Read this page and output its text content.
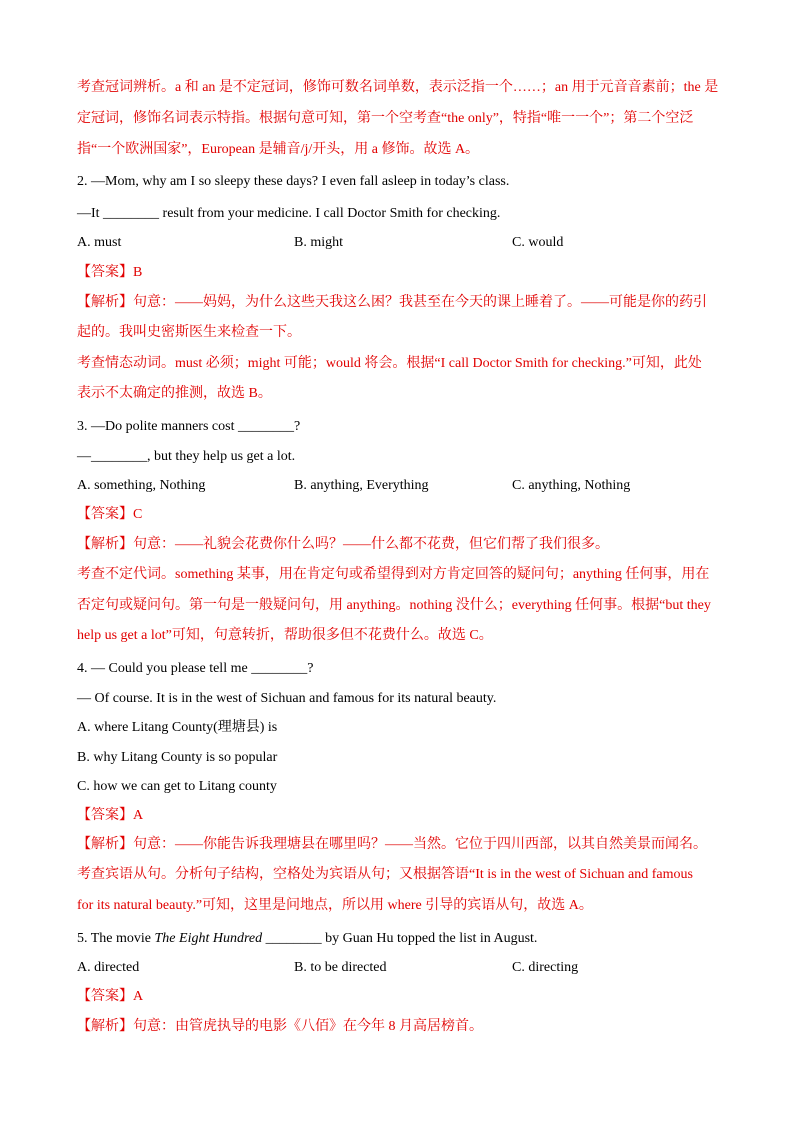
考查冠词辨析。a 和 an 是不定冠词，修饰可数名词单数，表示泛指一个……；an 用于元音音素前；the 是
定冠词，修饰名词表示特指。根据句意可知，第一个空考查“the only”，特指“唯一一个”；第二个空泛
指“一个欧洲国家”，European 是辅音/j/开头，用 a 修饰。故选 A。
2. —Mom, why am I so sleepy these days? I even fall asleep in today’s class.
—It ________ result from your medicine. I call Doctor Smith for checking.
A. must	B. might	C. would
【答案】B
【解析】句意：——妈妈，为什么这些天我这么困？我甚至在今天的课上睡着了。——可能是你的药引
起的。我叫史密斯医生来检查一下。
考查情态动词。must 必须；might 可能；would 将会。根据“I call Doctor Smith for checking.”可知，此处
表示不太确定的推测，故选 B。
3. —Do polite manners cost ________?
—________, but they help us get a lot.
A. something, Nothing	B. anything, Everything	C. anything, Nothing
【答案】C
【解析】句意：——礼貌会花费你什么吗？——什么都不花费，但它们帮了我们很多。
考查不定代词。something 某事，用在肯定句或希望得到对方肯定回答的疑问句；anything 任何事，用在
否定句或疑问句。第一句是一般疑问句，用 anything。nothing 没什么；everything 任何事。根据“but they
help us get a lot”可知，句意转折，帮助很多但不花费什么。故选 C。
4. — Could you please tell me ________?
— Of course. It is in the west of Sichuan and famous for its natural beauty.
A. where Litang County(理塘县) is
B. why Litang County is so popular
C. how we can get to Litang county
【答案】A
【解析】句意：——你能告诉我理塘县在哪里吗？——当然。它位于四川西部，以其自然美景而闻名。
考查宾语从句。分析句子结构，空格处为宾语从句；又根据答语“It is in the west of Sichuan and famous
for its natural beauty.”可知，这里是问地点，所以用 where 引导的宾语从句，故选 A。
5. The movie The Eight Hundred ________ by Guan Hu topped the list in August.
A. directed	B. to be directed	C. directing
【答案】A
【解析】句意：由管虎执导的电影《八佰》在今年 8 月高居榜首。
